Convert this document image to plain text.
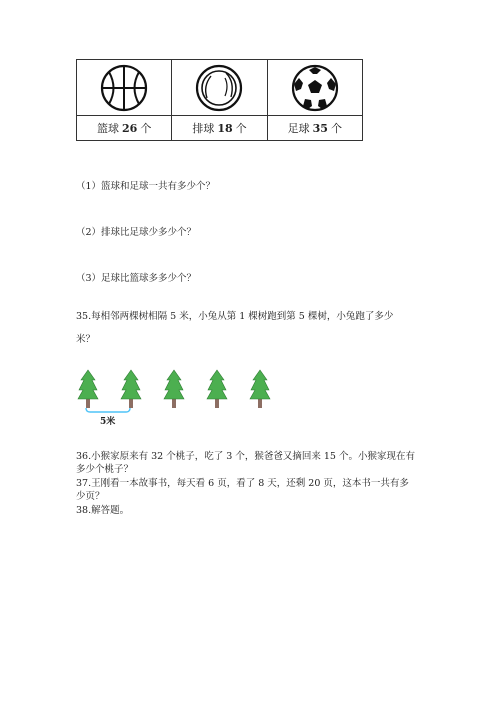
篮球 26 个	排球 18 个	足球 35 个
（1）篮球和足球一共有多少个？
（2）排球比足球少多少个？
（3）足球比篮球多多少个？
35.每相邻两棵树相隔 5 米，小兔从第 1 棵树跑到第 5 棵树，小兔跑了多少
米？
5米
36.小猴家原来有 32 个桃子，吃了 3 个，猴爸爸又摘回来 15 个。小猴家现在有
多少个桃子？
37.王刚看一本故事书，每天看 6 页，看了 8 天，还剩 20 页，这本书一共有多
少页？
38.解答题。
